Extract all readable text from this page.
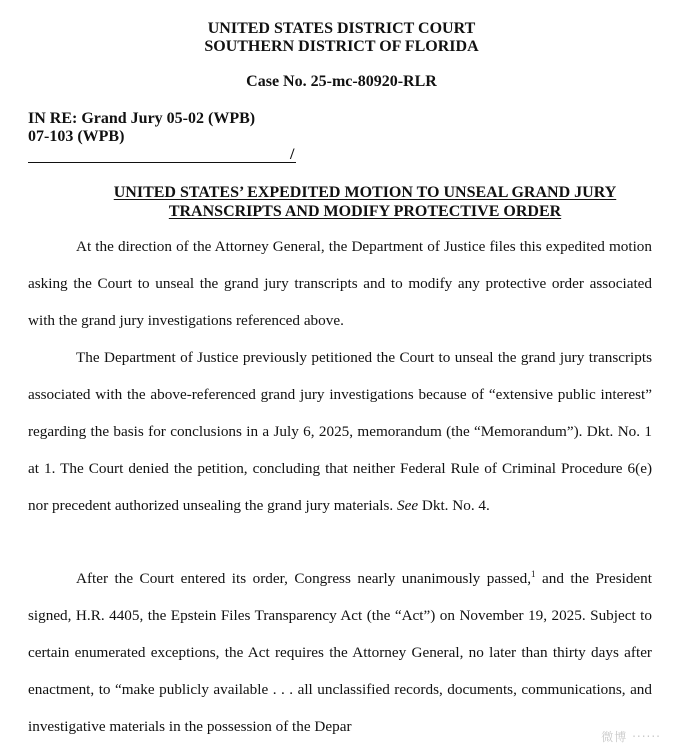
UNITED STATES DISTRICT COURT
SOUTHERN DISTRICT OF FLORIDA
Case No. 25-mc-80920-RLR
IN RE: Grand Jury 05-02 (WPB)
07-103 (WPB)
/
UNITED STATES’ EXPEDITED MOTION TO UNSEAL GRAND JURY
TRANSCRIPTS AND MODIFY PROTECTIVE ORDER

At the direction of the Attorney General, the Department of Justice files this expedited motion asking the Court to unseal the grand jury transcripts and to modify any protective order associated with the grand jury investigations referenced above.

The Department of Justice previously petitioned the Court to unseal the grand jury transcripts associated with the above-referenced grand jury investigations because of “extensive public interest” regarding the basis for conclusions in a July 6, 2025, memorandum (the “Memorandum”). Dkt. No. 1 at 1. The Court denied the petition, concluding that neither Federal Rule of Criminal Procedure 6(e) nor precedent authorized unsealing the grand jury materials. See Dkt. No. 4.

After the Court entered its order, Congress nearly unanimously passed,$^1$ and the President signed, H.R. 4405, the Epstein Files Transparency Act (the “Act”) on November 19, 2025. Subject to certain enumerated exceptions, the Act requires the Attorney General, no later than thirty days after enactment, to “make publicly available . . . all unclassified records, documents, communications, and investigative materials in the possession of the Depar

微博 ‧‧‧‧‧‧
